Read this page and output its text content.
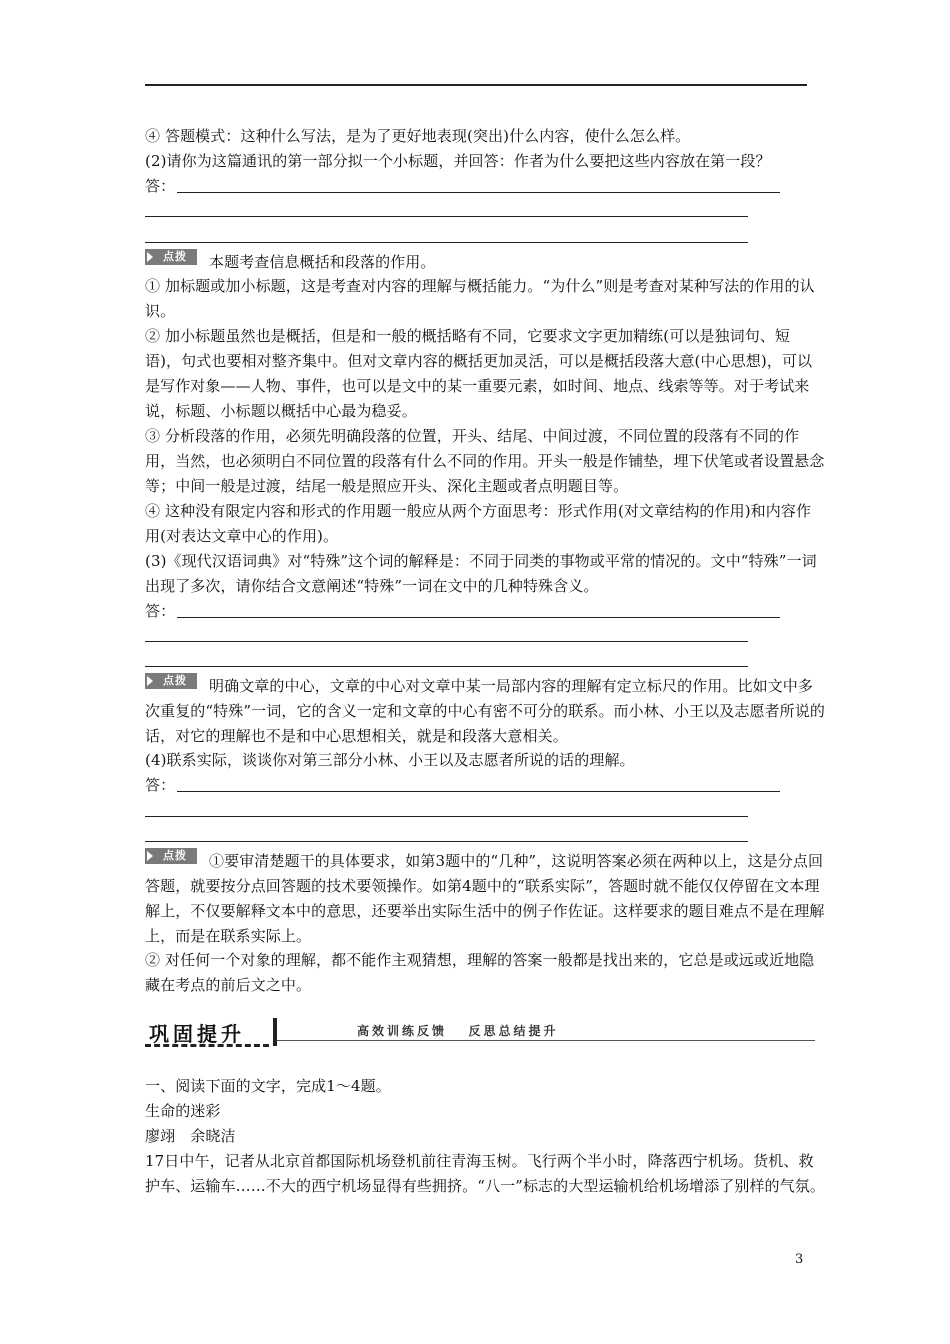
④ 答题模式：这种什么写法，是为了更好地表现(突出)什么内容，使什么怎么样。

(2)请你为这篇通讯的第一部分拟一个小标题，并回答：作者为什么要把这些内容放在第一段？

答：

点拨 本题考查信息概括和段落的作用。

① 加标题或加小标题，这是考查对内容的理解与概括能力。“为什么”则是考查对某种写法的作用的认识。

② 加小标题虽然也是概括，但是和一般的概括略有不同，它要求文字更加精练(可以是独词句、短语)，句式也要相对整齐集中。但对文章内容的概括更加灵活，可以是概括段落大意(中心思想)，可以是写作对象——人物、事件，也可以是文中的某一重要元素，如时间、地点、线索等等。对于考试来说，标题、小标题以概括中心最为稳妥。

③ 分析段落的作用，必须先明确段落的位置，开头、结尾、中间过渡，不同位置的段落有不同的作用，当然，也必须明白不同位置的段落有什么不同的作用。开头一般是作铺垫，埋下伏笔或者设置悬念等；中间一般是过渡，结尾一般是照应开头、深化主题或者点明题目等。

④ 这种没有限定内容和形式的作用题一般应从两个方面思考：形式作用(对文章结构的作用)和内容作用(对表达文章中心的作用)。

(3)《现代汉语词典》对“特殊”这个词的解释是：不同于同类的事物或平常的情况的。文中“特殊”一词出现了多次，请你结合文意阐述“特殊”一词在文中的几种特殊含义。

答：

点拨 明确文章的中心，文章的中心对文章中某一局部内容的理解有定立标尺的作用。比如文中多次重复的“特殊”一词，它的含义一定和文章的中心有密不可分的联系。而小林、小王以及志愿者所说的话，对它的理解也不是和中心思想相关，就是和段落大意相关。

(4)联系实际，谈谈你对第三部分小林、小王以及志愿者所说的话的理解。

答：

点拨 ①要审清楚题干的具体要求，如第3题中的“几种”，这说明答案必须在两种以上，这是分点回答题，就要按分点回答题的技术要领操作。如第4题中的“联系实际”，答题时就不能仅仅停留在文本理解上，不仅要解释文本中的意思，还要举出实际生活中的例子作佐证。这样要求的题目难点不是在理解上，而是在联系实际上。

② 对任何一个对象的理解，都不能作主观猜想，理解的答案一般都是找出来的，它总是或远或近地隐藏在考点的前后文之中。

巩固提升	高效训练反馈   反思总结提升

一、阅读下面的文字，完成1～4题。

生命的迷彩

廖翊　余晓洁

17日中午，记者从北京首都国际机场登机前往青海玉树。飞行两个半小时，降落西宁机场。货机、救护车、运输车……不大的西宁机场显得有些拥挤。“八一”标志的大型运输机给机场增添了别样的气氛。

3
